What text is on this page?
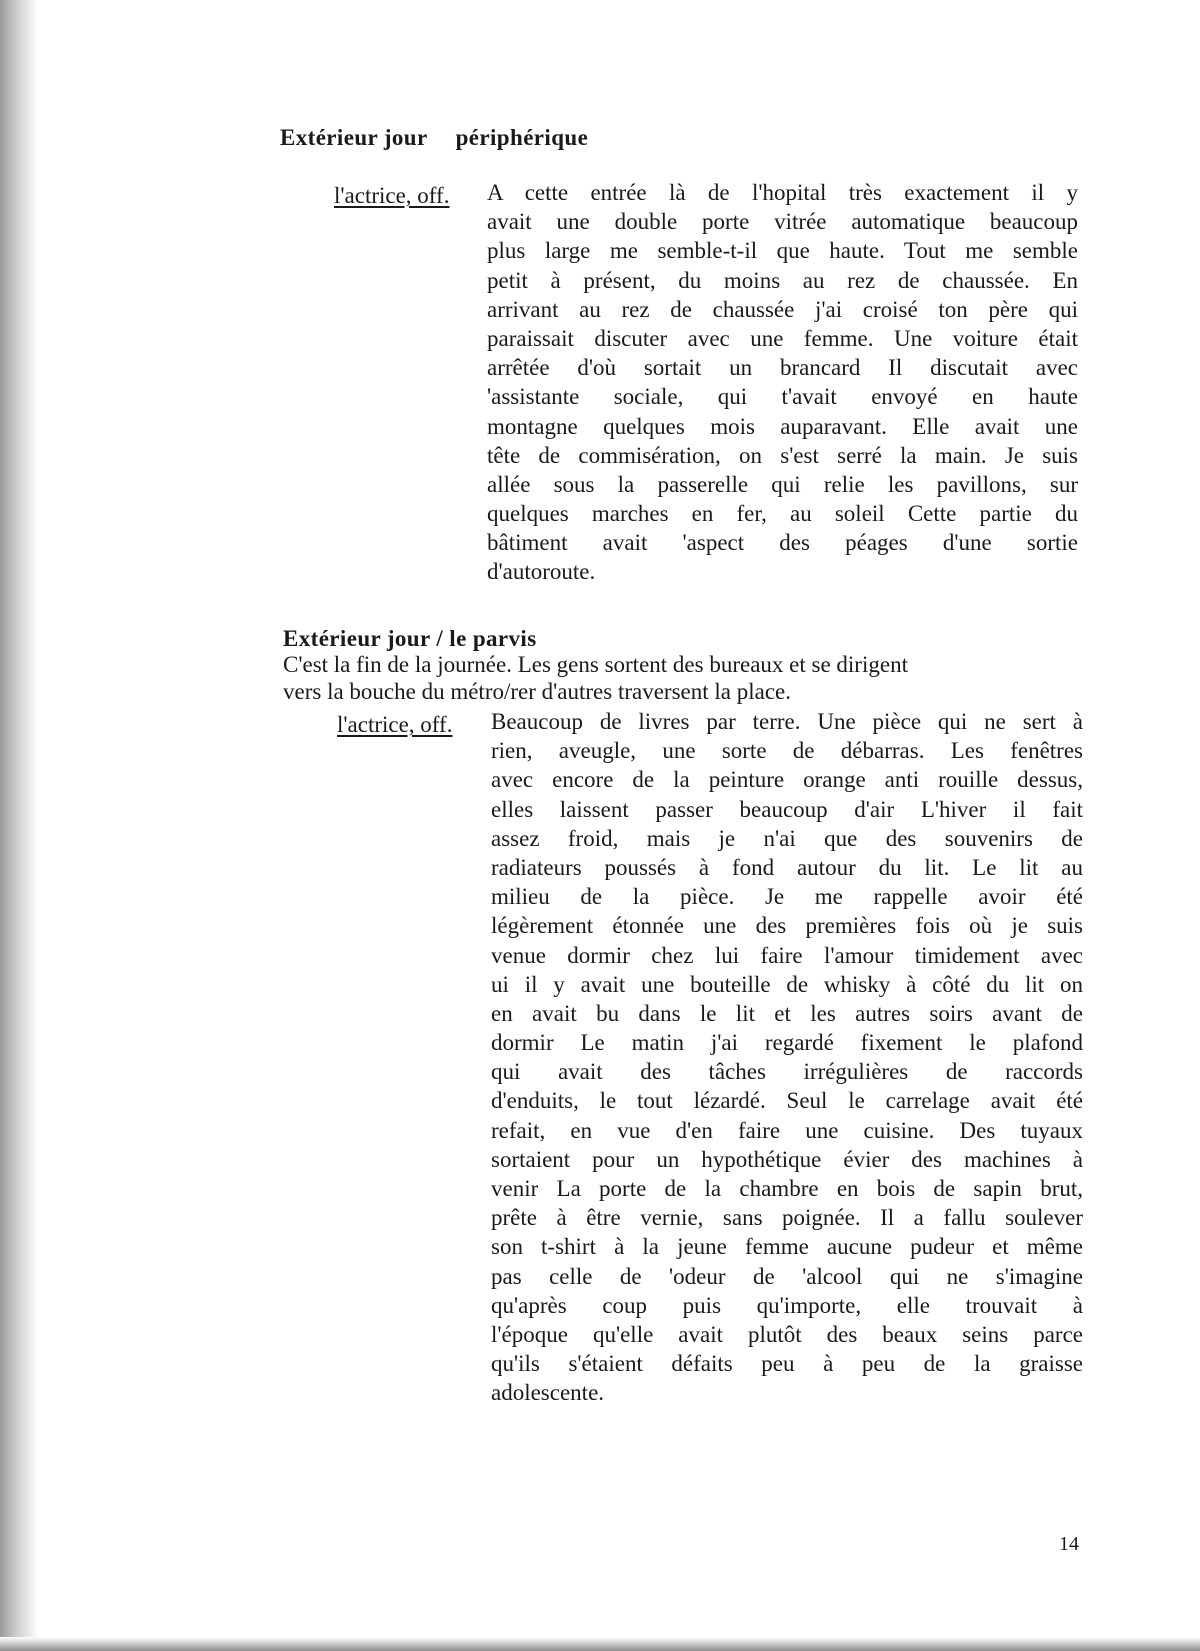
Extérieur jour périphérique
l'actrice, off. A cette entrée là de l'hopital très exactement il y
avait une double porte vitrée automatique beaucoup
plus large me semble-t-il que haute. Tout me semble
petit à présent, du moins au rez de chaussée. En
arrivant au rez de chaussée j'ai croisé ton père qui
paraissait discuter avec une femme. Une voiture était
arrêtée d'où sortait un brancard Il discutait avec
'assistante sociale, qui t'avait envoyé en haute
montagne quelques mois auparavant. Elle avait une
tête de commisération, on s'est serré la main. Je suis
allée sous la passerelle qui relie les pavillons, sur
quelques marches en fer, au soleil Cette partie du
bâtiment avait 'aspect des péages d'une sortie
d'autoroute.
Extérieur jour / le parvis
C'est la fin de la journée. Les gens sortent des bureaux et se dirigent
vers la bouche du métro/rer d'autres traversent la place.
l'actrice, off. Beaucoup de livres par terre. Une pièce qui ne sert à
rien, aveugle, une sorte de débarras. Les fenêtres
avec encore de la peinture orange anti rouille dessus,
elles laissent passer beaucoup d'air L'hiver il fait
assez froid, mais je n'ai que des souvenirs de
radiateurs poussés à fond autour du lit. Le lit au
milieu de la pièce. Je me rappelle avoir été
légèrement étonnée une des premières fois où je suis
venue dormir chez lui faire l'amour timidement avec
ui il y avait une bouteille de whisky à côté du lit on
en avait bu dans le lit et les autres soirs avant de
dormir Le matin j'ai regardé fixement le plafond
qui avait des tâches irrégulières de raccords
d'enduits, le tout lézardé. Seul le carrelage avait été
refait, en vue d'en faire une cuisine. Des tuyaux
sortaient pour un hypothétique évier des machines à
venir La porte de la chambre en bois de sapin brut,
prête à être vernie, sans poignée. Il a fallu soulever
son t-shirt à la jeune femme aucune pudeur et même
pas celle de 'odeur de 'alcool qui ne s'imagine
qu'après coup puis qu'importe, elle trouvait à
l'époque qu'elle avait plutôt des beaux seins parce
qu'ils s'étaient défaits peu à peu de la graisse
adolescente.
14
